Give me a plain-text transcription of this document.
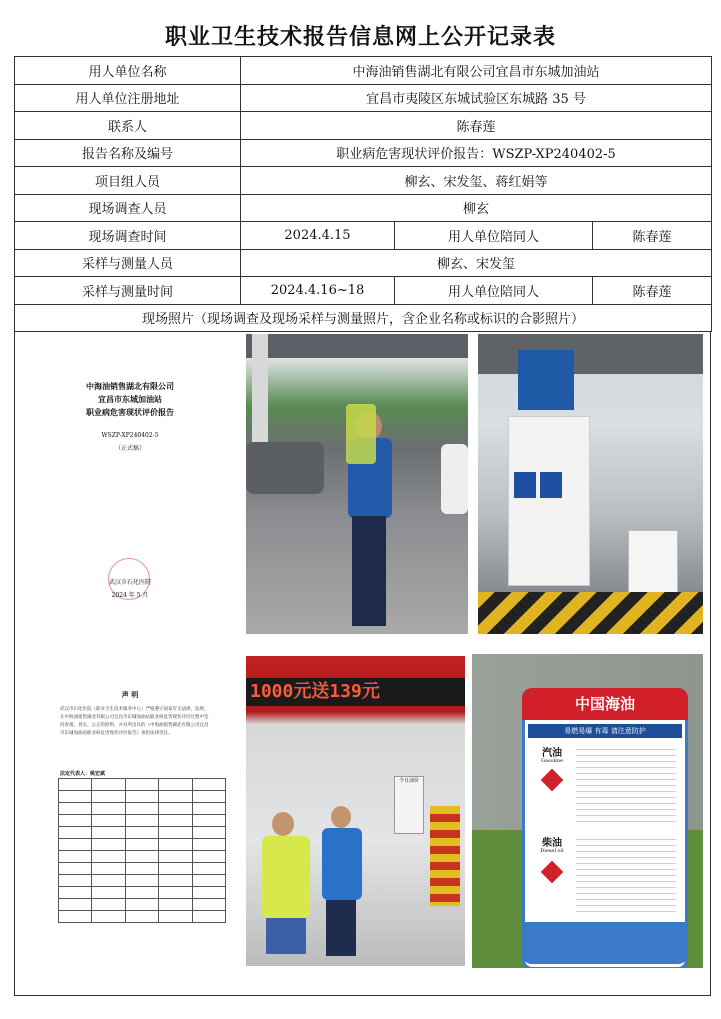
职业卫生技术报告信息网上公开记录表
用人单位名称	中海油销售湖北有限公司宜昌市东城加油站		
用人单位注册地址	宜昌市夷陵区东城试验区东城路 35 号		
联系人	陈春莲		
报告名称及编号	职业病危害现状评价报告：WSZP-XP240402-5		
项目组人员	柳玄、宋发玺、蒋红娟等		
现场调查人员	柳玄		
现场调查时间	2024.4.15	用人单位陪同人	陈春莲
采样与测量人员	柳玄、宋发玺		
采样与测量时间	2024.4.16~18	用人单位陪同人	陈春莲
现场照片（现场调查及现场采样与测量照片，含企业名称或标识的合影照片）			
中海油销售湖北有限公司
宜昌市东城加油站
职业病危害现状评价报告
WSZP-XP240402-5
（正式稿）
武汉市石化医院
2024 年 5 月
声 明
武汉市石化医院（职业卫生技术服务中心）严格遵守国家有关法律、法规，在中海油销售湖北有限公司宜昌市东城加油站职业病危害现状评价过程中坚持客观、真实、公正的原则，并对所出具的《中海油销售湖北有限公司宜昌市东城加油站职业病危害现状评价报告》承担法律责任。
法定代表人：姚宏斌

1000元送139元
今日油价
中国海油
易燃易爆 有毒 请注意防护
汽油
Gasoline
柴油
Diesel oil
